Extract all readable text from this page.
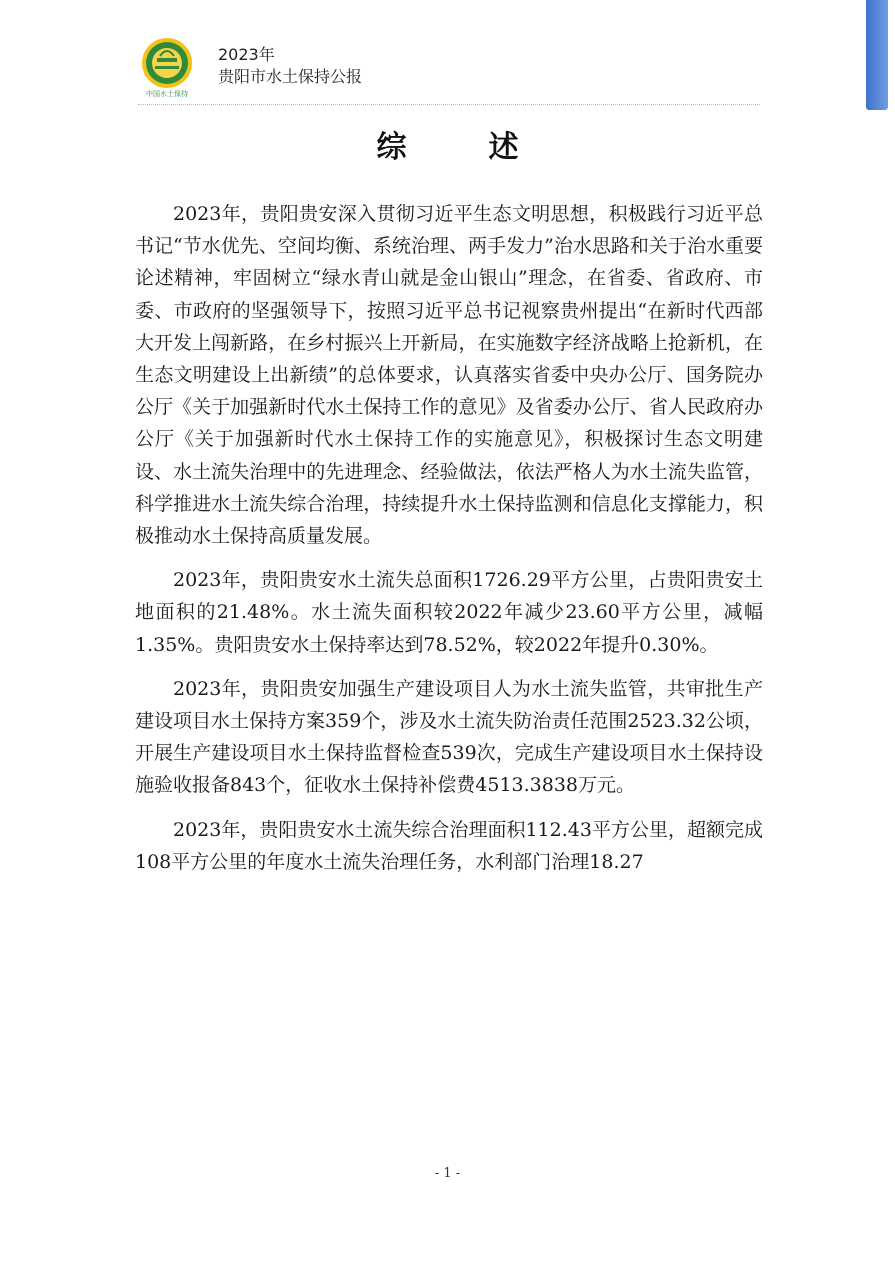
中国水土保持
2023年
贵阳市水土保持公报
综　述

2023年，贵阳贵安深入贯彻习近平生态文明思想，积极践行习近平总书记“节水优先、空间均衡、系统治理、两手发力”治水思路和关于治水重要论述精神，牢固树立“绿水青山就是金山银山”理念，在省委、省政府、市委、市政府的坚强领导下，按照习近平总书记视察贵州提出“在新时代西部大开发上闯新路，在乡村振兴上开新局，在实施数字经济战略上抢新机，在生态文明建设上出新绩”的总体要求，认真落实省委中央办公厅、国务院办公厅《关于加强新时代水土保持工作的意见》及省委办公厅、省人民政府办公厅《关于加强新时代水土保持工作的实施意见》，积极探讨生态文明建设、水土流失治理中的先进理念、经验做法，依法严格人为水土流失监管，科学推进水土流失综合治理，持续提升水土保持监测和信息化支撑能力，积极推动水土保持高质量发展。

2023年，贵阳贵安水土流失总面积1726.29平方公里，占贵阳贵安土地面积的21.48%。水土流失面积较2022年减少23.60平方公里，减幅1.35%。贵阳贵安水土保持率达到78.52%，较2022年提升0.30%。

2023年，贵阳贵安加强生产建设项目人为水土流失监管，共审批生产建设项目水土保持方案359个，涉及水土流失防治责任范围2523.32公顷，开展生产建设项目水土保持监督检查539次，完成生产建设项目水土保持设施验收报备843个，征收水土保持补偿费4513.3838万元。

2023年，贵阳贵安水土流失综合治理面积112.43平方公里，超额完成108平方公里的年度水土流失治理任务，水利部门治理18.27

- 1 -
